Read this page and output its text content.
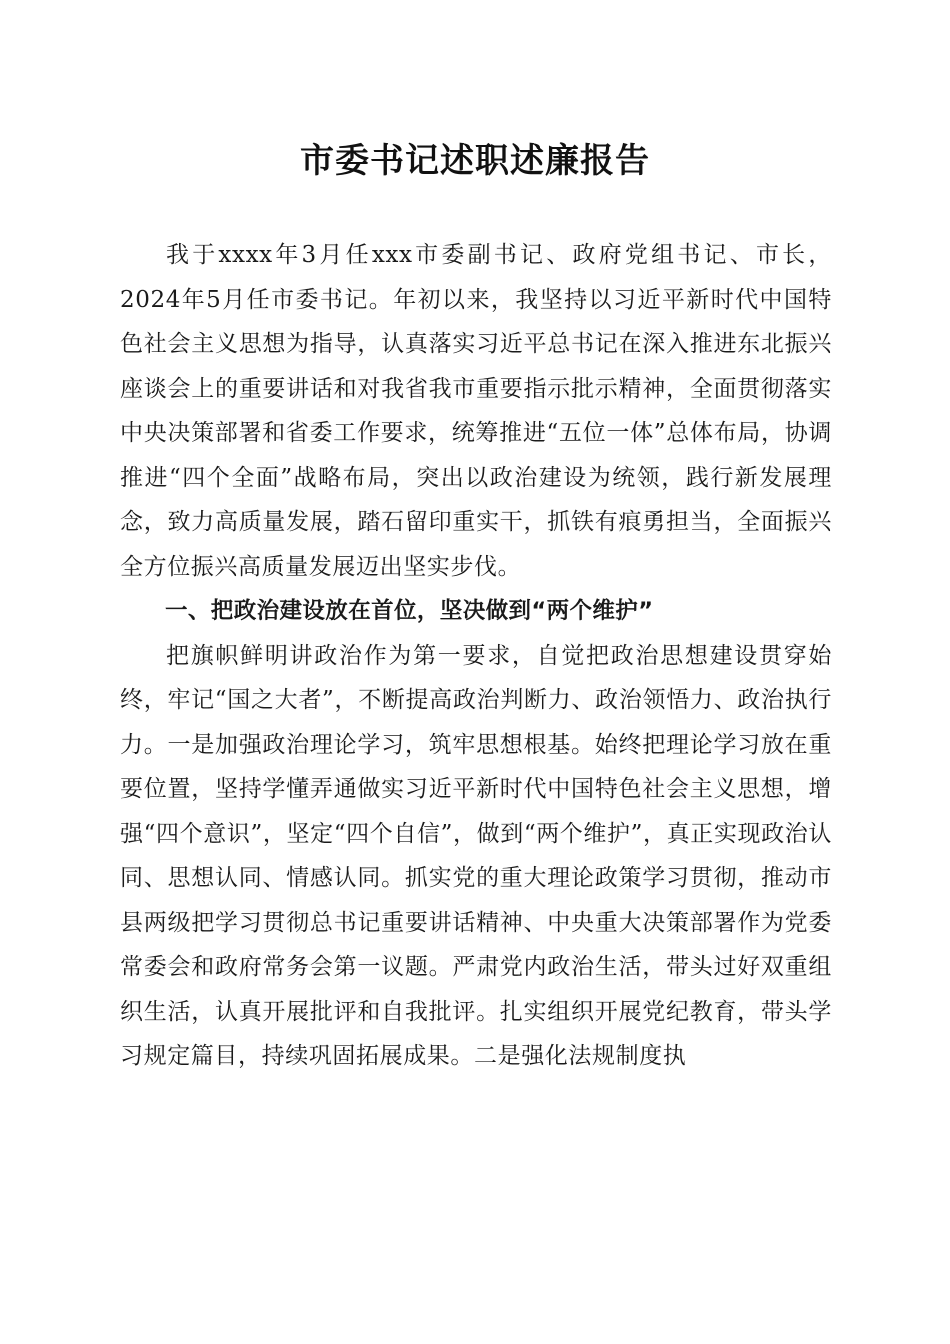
市委书记述职述廉报告

我于xxxx年3月任xxx市委副书记、政府党组书记、市长，2024年5月任市委书记。年初以来，我坚持以习近平新时代中国特色社会主义思想为指导，认真落实习近平总书记在深入推进东北振兴座谈会上的重要讲话和对我省我市重要指示批示精神，全面贯彻落实中央决策部署和省委工作要求，统筹推进“五位一体”总体布局，协调推进“四个全面”战略布局，突出以政治建设为统领，践行新发展理念，致力高质量发展，踏石留印重实干，抓铁有痕勇担当，全面振兴全方位振兴高质量发展迈出坚实步伐。

一、把政治建设放在首位，坚决做到“两个维护”

把旗帜鲜明讲政治作为第一要求，自觉把政治思想建设贯穿始终，牢记“国之大者”，不断提高政治判断力、政治领悟力、政治执行力。一是加强政治理论学习，筑牢思想根基。始终把理论学习放在重要位置，坚持学懂弄通做实习近平新时代中国特色社会主义思想，增强“四个意识”，坚定“四个自信”，做到“两个维护”，真正实现政治认同、思想认同、情感认同。抓实党的重大理论政策学习贯彻，推动市县两级把学习贯彻总书记重要讲话精神、中央重大决策部署作为党委常委会和政府常务会第一议题。严肃党内政治生活，带头过好双重组织生活，认真开展批评和自我批评。扎实组织开展党纪教育，带头学习规定篇目，持续巩固拓展成果。二是强化法规制度执
